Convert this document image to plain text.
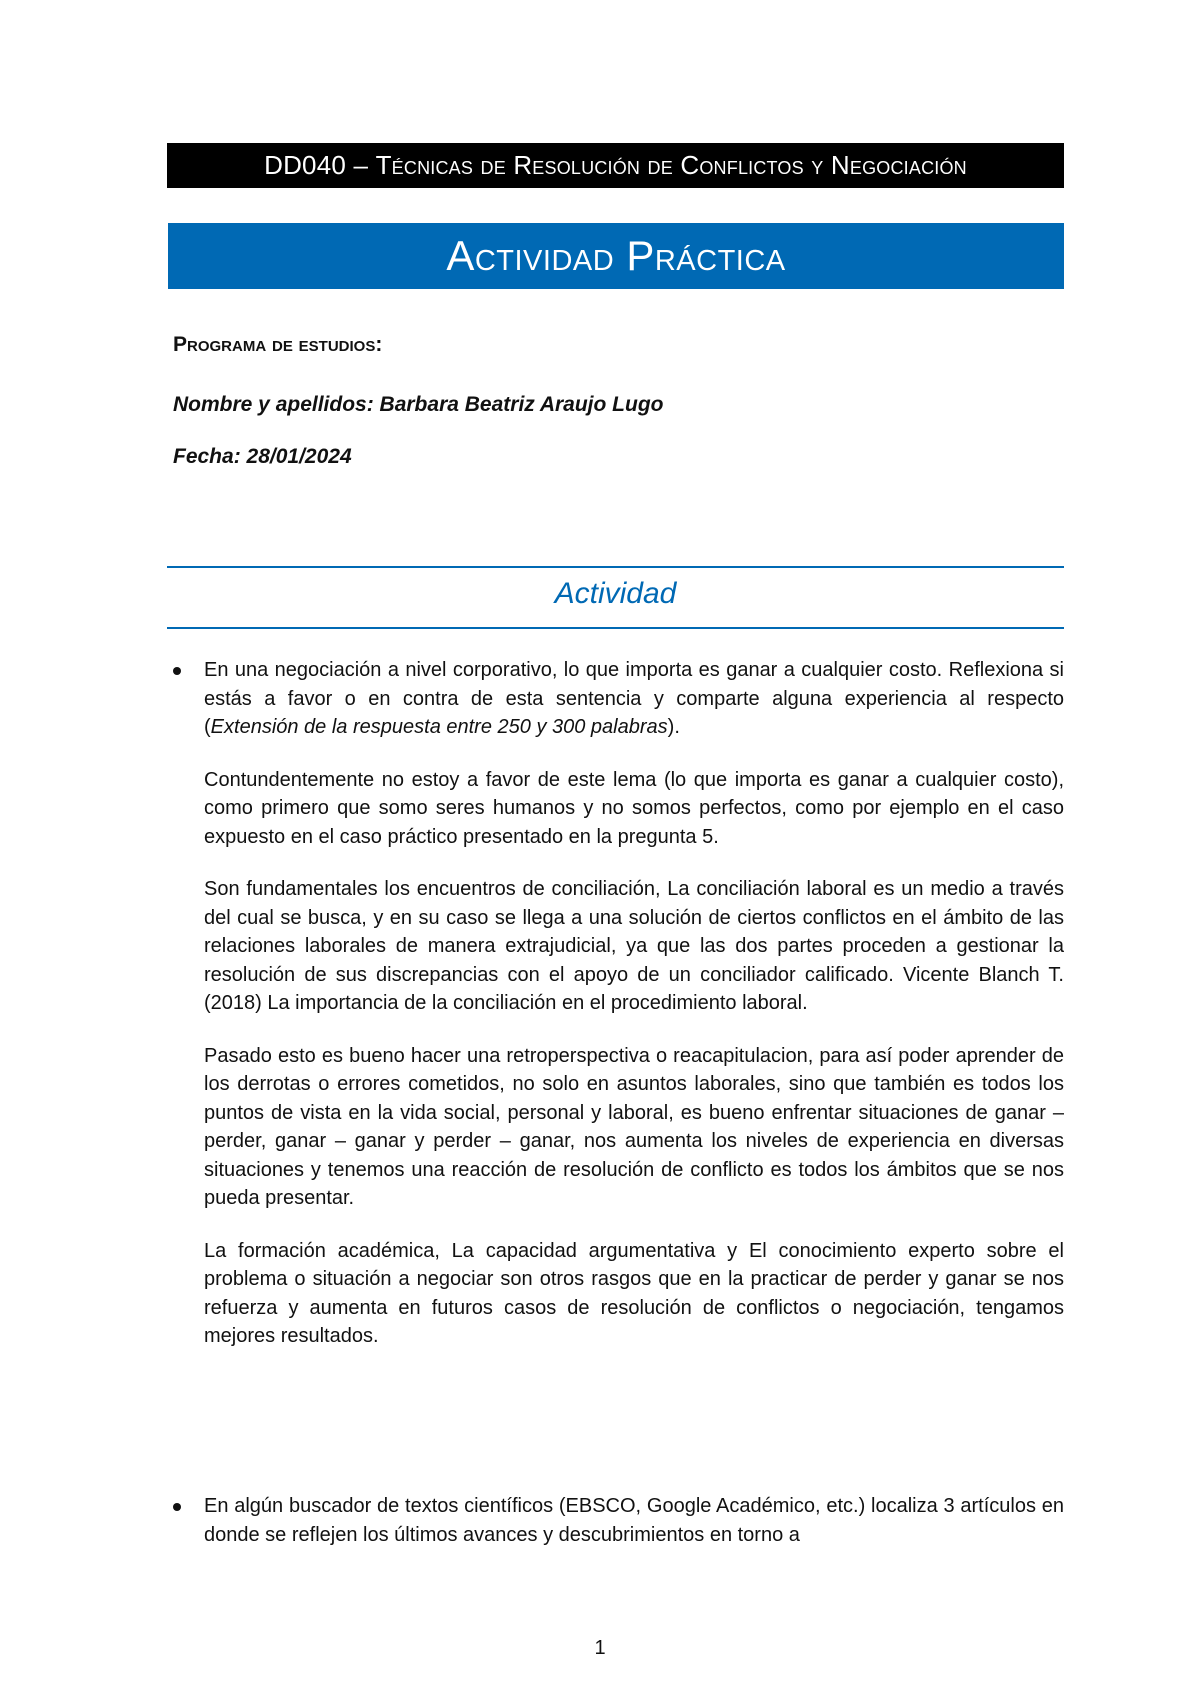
DD040 –
Técnicas de Resolución de Conflictos y Negociación
Actividad Práctica
Programa de estudios:
Nombre y apellidos: Barbara Beatriz Araujo Lugo
Fecha: 28/01/2024
Actividad

En una negociación a nivel corporativo, lo que importa es ganar a cualquier costo. Reflexiona si estás a favor o en contra de esta sentencia y comparte alguna experiencia al respecto (Extensión de la respuesta entre 250 y 300 palabras).

Contundentemente no estoy a favor de este lema (lo que importa es ganar a cualquier costo), como primero que somo seres humanos y no somos perfectos, como por ejemplo en el caso expuesto en el caso práctico presentado en la pregunta 5.

Son fundamentales los encuentros de conciliación, La conciliación laboral es un medio a través del cual se busca, y en su caso se llega a una solución de ciertos conflictos en el ámbito de las relaciones laborales de manera extrajudicial, ya que las dos partes proceden a gestionar la resolución de sus discrepancias con el apoyo de un conciliador calificado. Vicente Blanch T. (2018) La importancia de la conciliación en el procedimiento laboral.

Pasado esto es bueno hacer una retroperspectiva o reacapitulacion, para así poder aprender de los derrotas o errores cometidos, no solo en asuntos laborales, sino que también es todos los puntos de vista en la vida social, personal y laboral, es bueno enfrentar situaciones de ganar – perder, ganar – ganar y perder – ganar, nos aumenta los niveles de experiencia en diversas situaciones y tenemos una reacción de resolución de conflicto es todos los ámbitos que se nos pueda presentar.

La formación académica, La capacidad argumentativa y El conocimiento experto sobre el problema o situación a negociar son otros rasgos que en la practicar de perder y ganar se nos refuerza y aumenta en futuros casos de resolución de conflictos o negociación, tengamos mejores resultados.

En algún buscador de textos científicos (EBSCO, Google Académico, etc.) localiza 3 artículos en donde se reflejen los últimos avances y descubrimientos en torno a

1
